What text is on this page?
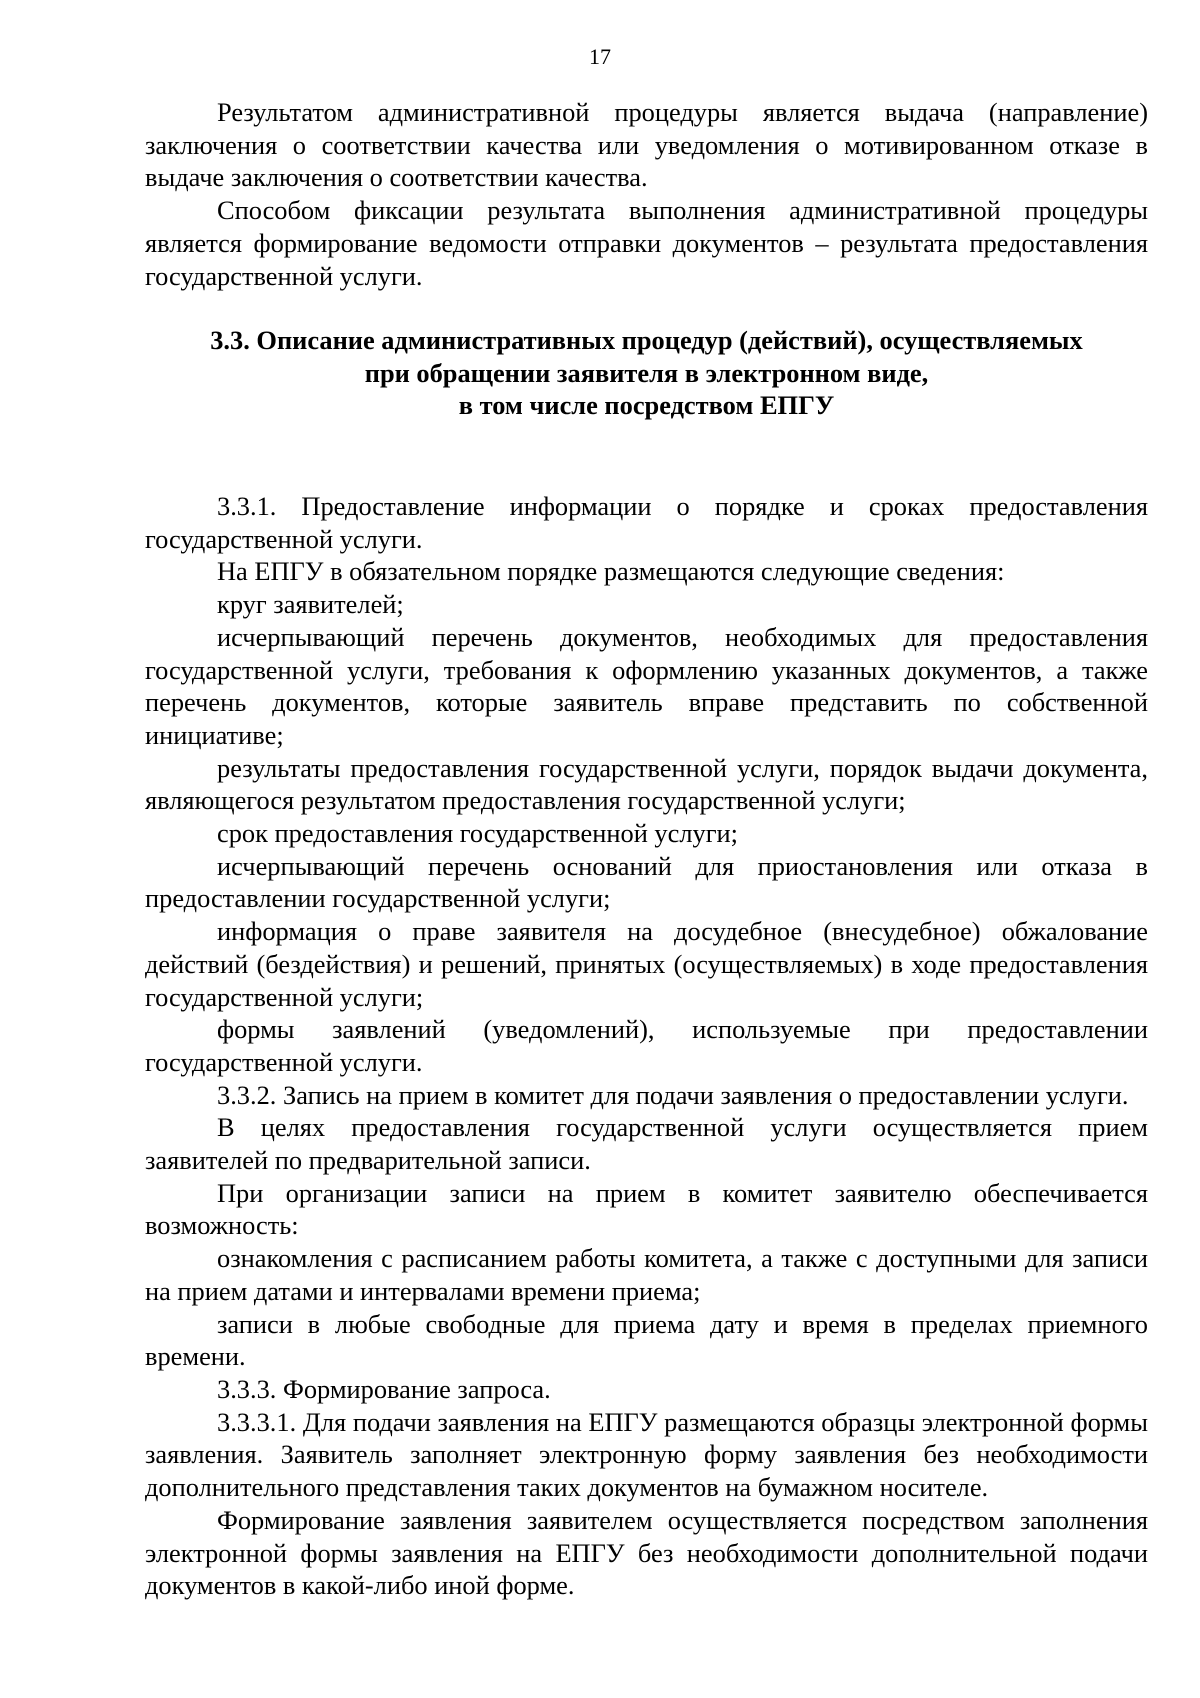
17

Результатом административной процедуры является выдача (направление) заключения о соответствии качества или уведомления о мотивированном отказе в выдаче заключения о соответствии качества.

Способом фиксации результата выполнения административной процедуры является формирование ведомости отправки документов – результата предоставления государственной услуги.

3.3. Описание административных процедур (действий), осуществляемых
при обращении заявителя в электронном виде,
в том числе посредством ЕПГУ

3.3.1. Предоставление информации о порядке и сроках предоставления государственной услуги.

На ЕПГУ в обязательном порядке размещаются следующие сведения:

круг заявителей;

исчерпывающий перечень документов, необходимых для предоставления государственной услуги, требования к оформлению указанных документов, а также перечень документов, которые заявитель вправе представить по собственной инициативе;

результаты предоставления государственной услуги, порядок выдачи документа, являющегося результатом предоставления государственной услуги;

срок предоставления государственной услуги;

исчерпывающий перечень оснований для приостановления или отказа в предоставлении государственной услуги;

информация о праве заявителя на досудебное (внесудебное) обжалование действий (бездействия) и решений, принятых (осуществляемых) в ходе предоставления государственной услуги;

формы заявлений (уведомлений), используемые при предоставлении государственной услуги.

3.3.2. Запись на прием в комитет для подачи заявления о предоставлении услуги.

В целях предоставления государственной услуги осуществляется прием заявителей по предварительной записи.

При организации записи на прием в комитет заявителю обеспечивается возможность:

ознакомления с расписанием работы комитета, а также с доступными для записи на прием датами и интервалами времени приема;

записи в любые свободные для приема дату и время в пределах приемного времени.

3.3.3. Формирование запроса.

3.3.3.1. Для подачи заявления на ЕПГУ размещаются образцы электронной формы заявления. Заявитель заполняет электронную форму заявления без необходимости дополнительного представления таких документов на бумажном носителе.

Формирование заявления заявителем осуществляется посредством заполнения электронной формы заявления на ЕПГУ без необходимости дополнительной подачи документов в какой-либо иной форме.
